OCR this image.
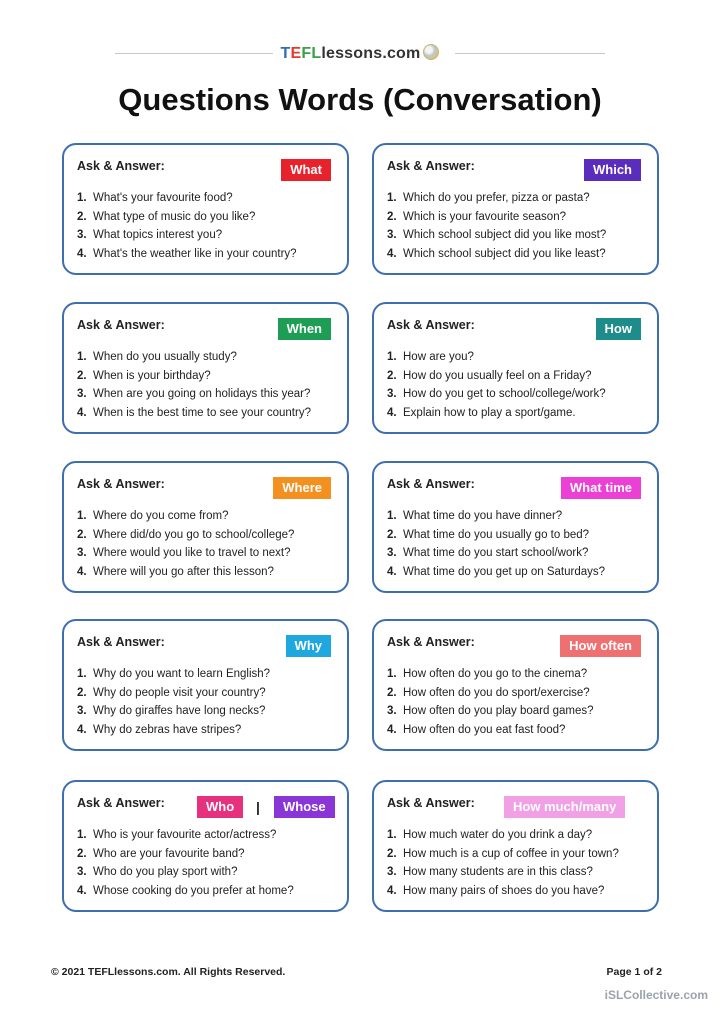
TEFLlessons.com
Questions Words (Conversation)
Ask & Answer:	What
What's your favourite food?
What type of music do you like?
What topics interest you?
What's the weather like in your country?
Ask & Answer:	Which
Which do you prefer, pizza or pasta?
Which is your favourite season?
Which school subject did you like most?
Which school subject did you like least?
Ask & Answer:	When
When do you usually study?
When is your birthday?
When are you going on holidays this year?
When is the best time to see your country?
Ask & Answer:	How
How are you?
How do you usually feel on a Friday?
How do you get to school/college/work?
Explain how to play a sport/game.
Ask & Answer:	Where
Where do you come from?
Where did/do you go to school/college?
Where would you like to travel to next?
Where will you go after this lesson?
Ask & Answer:	What time
What time do you have dinner?
What time do you usually go to bed?
What time do you start school/work?
What time do you get up on Saturdays?
Ask & Answer:	Why
Why do you want to learn English?
Why do people visit your country?
Why do giraffes have long necks?
Why do zebras have stripes?
Ask & Answer:	How often
How often do you go to the cinema?
How often do you do sport/exercise?
How often do you play board games?
How often do you eat fast food?
Ask & Answer:	Who	Whose
|
Who is your favourite actor/actress?
Who are your favourite band?
Who do you play sport with?
Whose cooking do you prefer at home?
Ask & Answer:	How much/many
How much water do you drink a day?
How much is a cup of coffee in your town?
How many students are in this class?
How many pairs of shoes do you have?
© 2021 TEFLlessons.com. All Rights Reserved.	Page 1 of 2
iSLCollective.com
